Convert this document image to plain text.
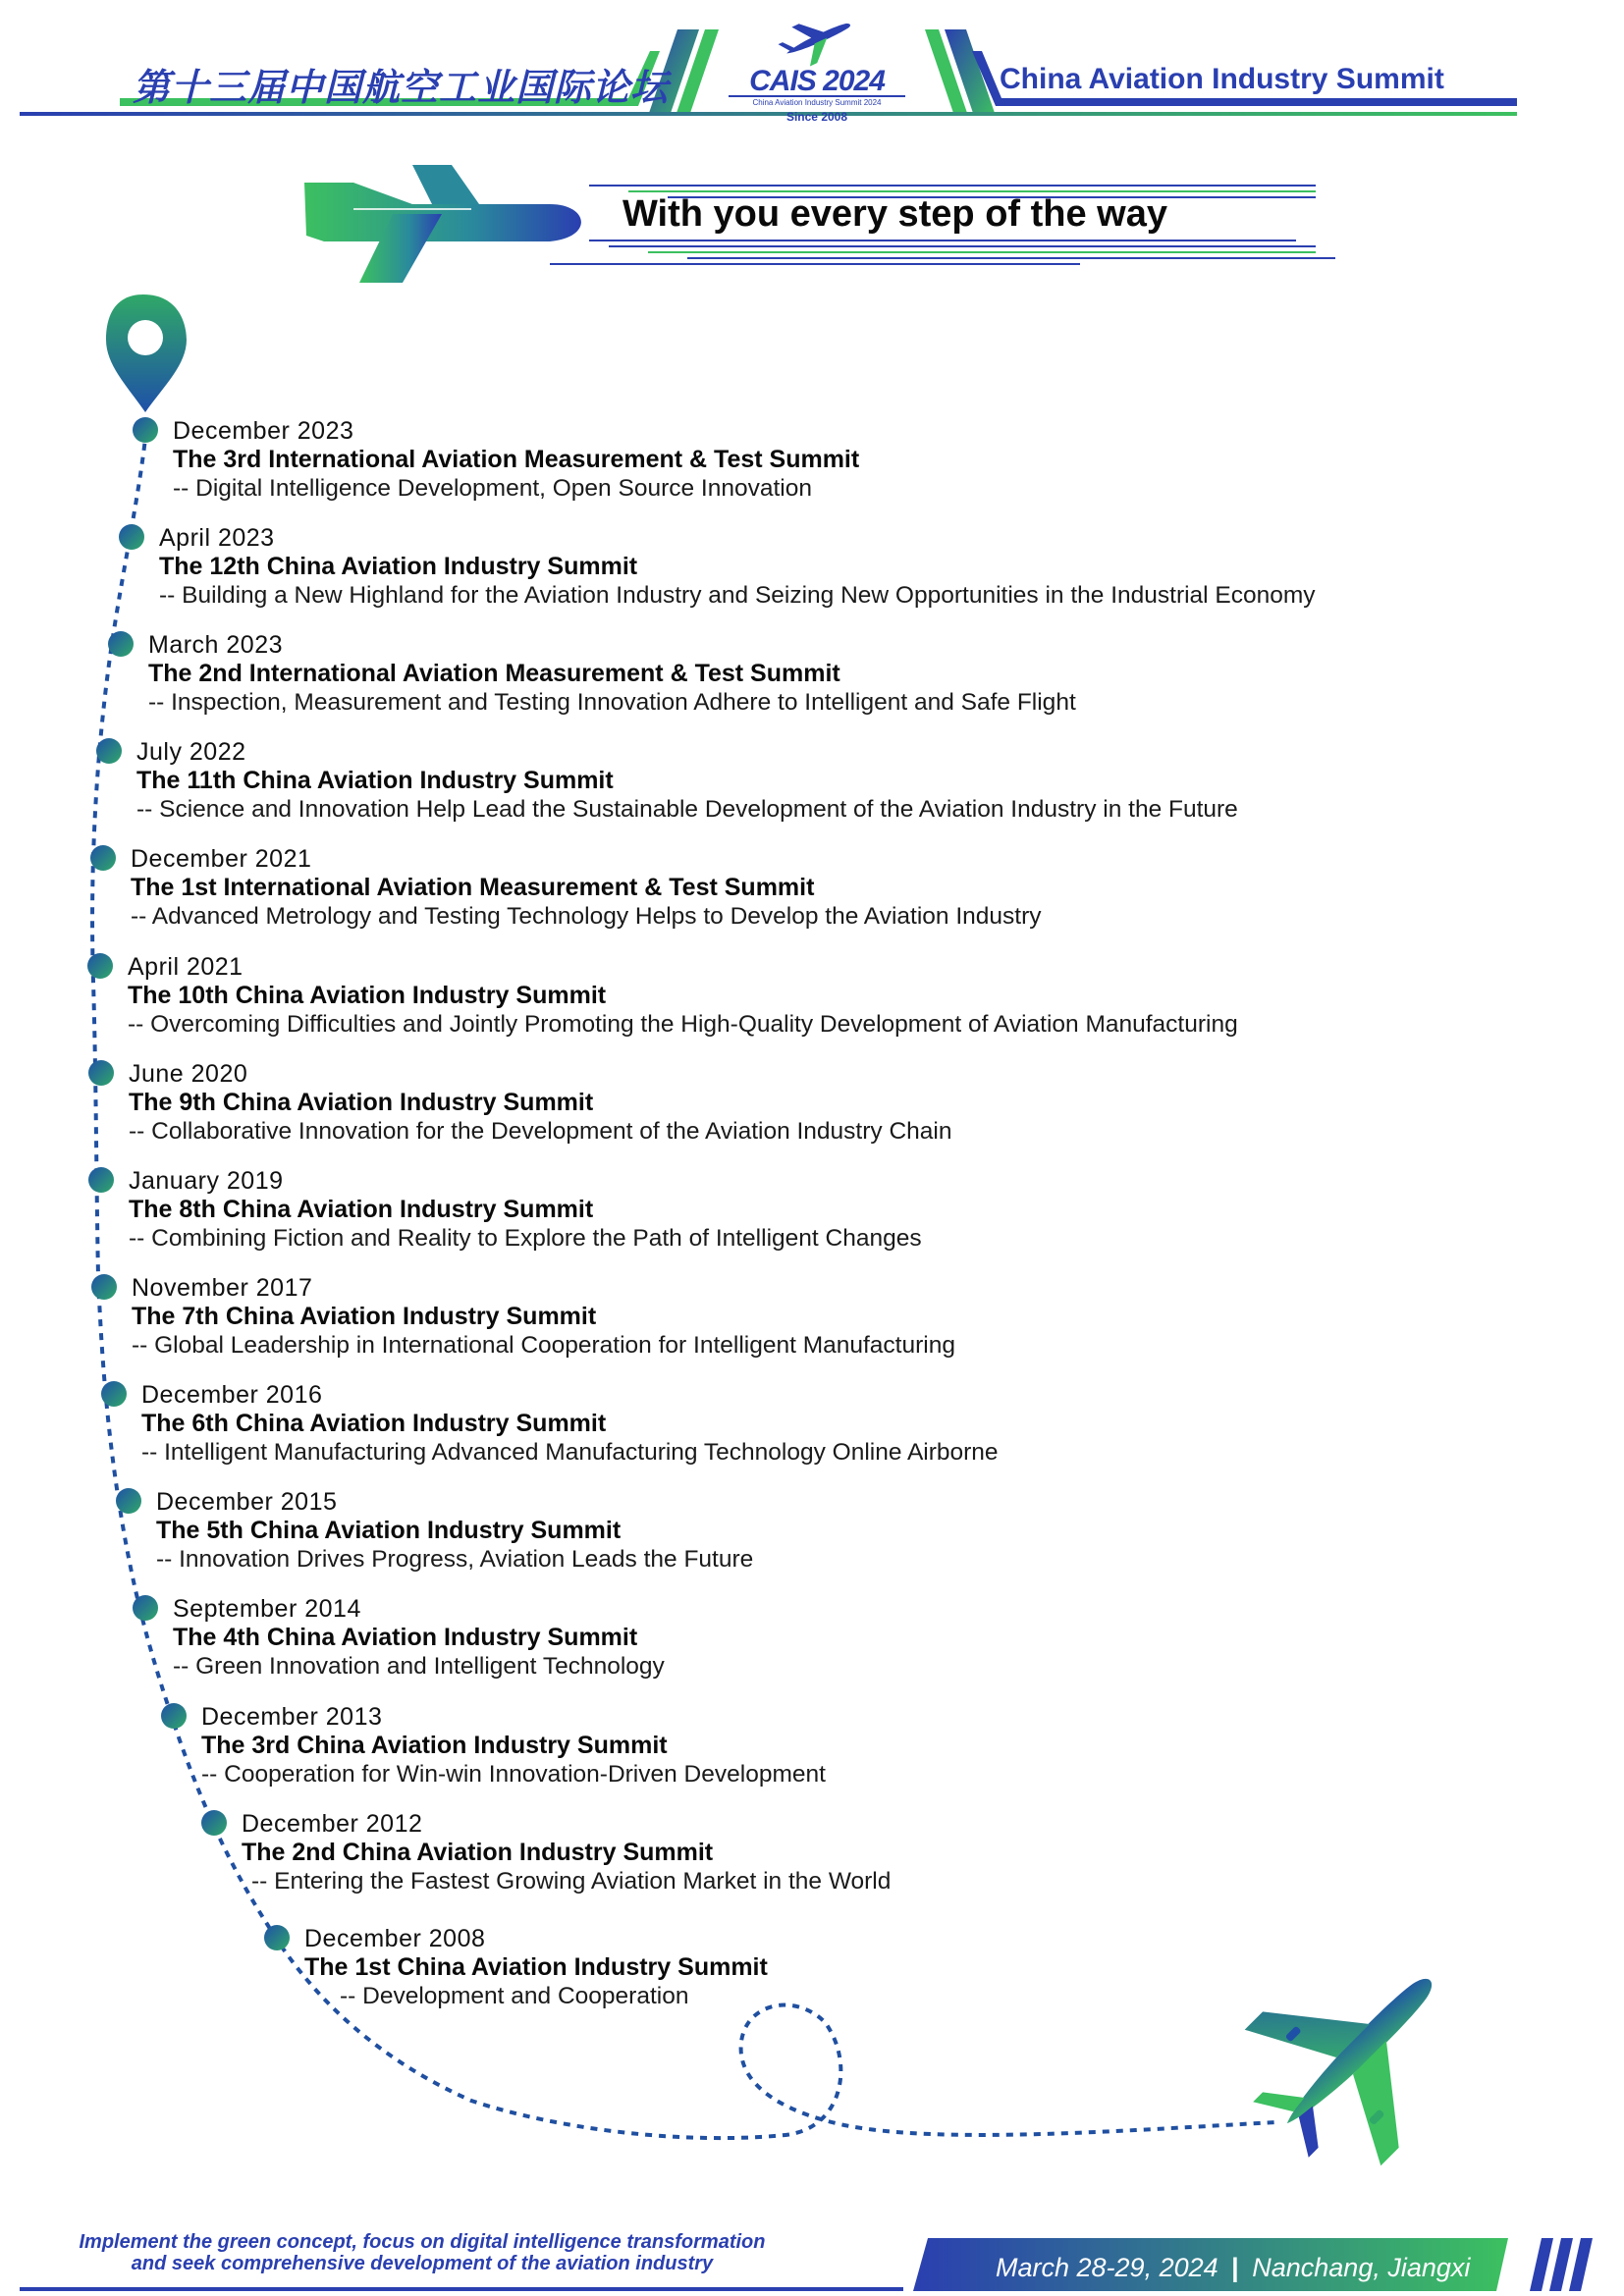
第十三届中国航空工业国际论坛	CAIS 2024
China Aviation Industry Summit 2024
Since 2008
China Aviation Industry Summit
With you every step of the way
December 2023
The 3rd International Aviation Measurement & Test Summit
-- Digital Intelligence Development, Open Source Innovation
April 2023
The 12th China Aviation Industry Summit
-- Building a New Highland for the Aviation Industry and Seizing New Opportunities in the Industrial Economy
March 2023
The 2nd International Aviation Measurement & Test Summit
-- Inspection, Measurement and Testing Innovation Adhere to Intelligent and Safe Flight
July 2022
The 11th China Aviation Industry Summit
-- Science and Innovation Help Lead the Sustainable Development of the Aviation Industry in the Future
December 2021
The 1st International Aviation Measurement & Test Summit
-- Advanced Metrology and Testing Technology Helps to Develop the Aviation Industry
April 2021
The 10th China Aviation Industry Summit
-- Overcoming Difficulties and Jointly Promoting the High-Quality Development of Aviation Manufacturing
June 2020
The 9th China Aviation Industry Summit
-- Collaborative Innovation for the Development of the Aviation Industry Chain
January 2019
The 8th China Aviation Industry Summit
-- Combining Fiction and Reality to Explore the Path of Intelligent Changes
November 2017
The 7th China Aviation Industry Summit
-- Global Leadership in International Cooperation for Intelligent Manufacturing
December 2016
The 6th China Aviation Industry Summit
-- Intelligent Manufacturing Advanced Manufacturing Technology Online Airborne
December 2015
The 5th China Aviation Industry Summit
-- Innovation Drives Progress, Aviation Leads the Future
September 2014
The 4th China Aviation Industry Summit
-- Green Innovation and Intelligent Technology
December 2013
The 3rd China Aviation Industry Summit
-- Cooperation for Win-win Innovation-Driven Development
December 2012
The 2nd China Aviation Industry Summit
-- Entering the Fastest Growing Aviation Market in the World
December 2008
The 1st China Aviation Industry Summit
-- Development and Cooperation
Implement the green concept, focus on digital intelligence transformation
and seek comprehensive development of the aviation industry	March 28-29, 2024 | Nanchang, Jiangxi
